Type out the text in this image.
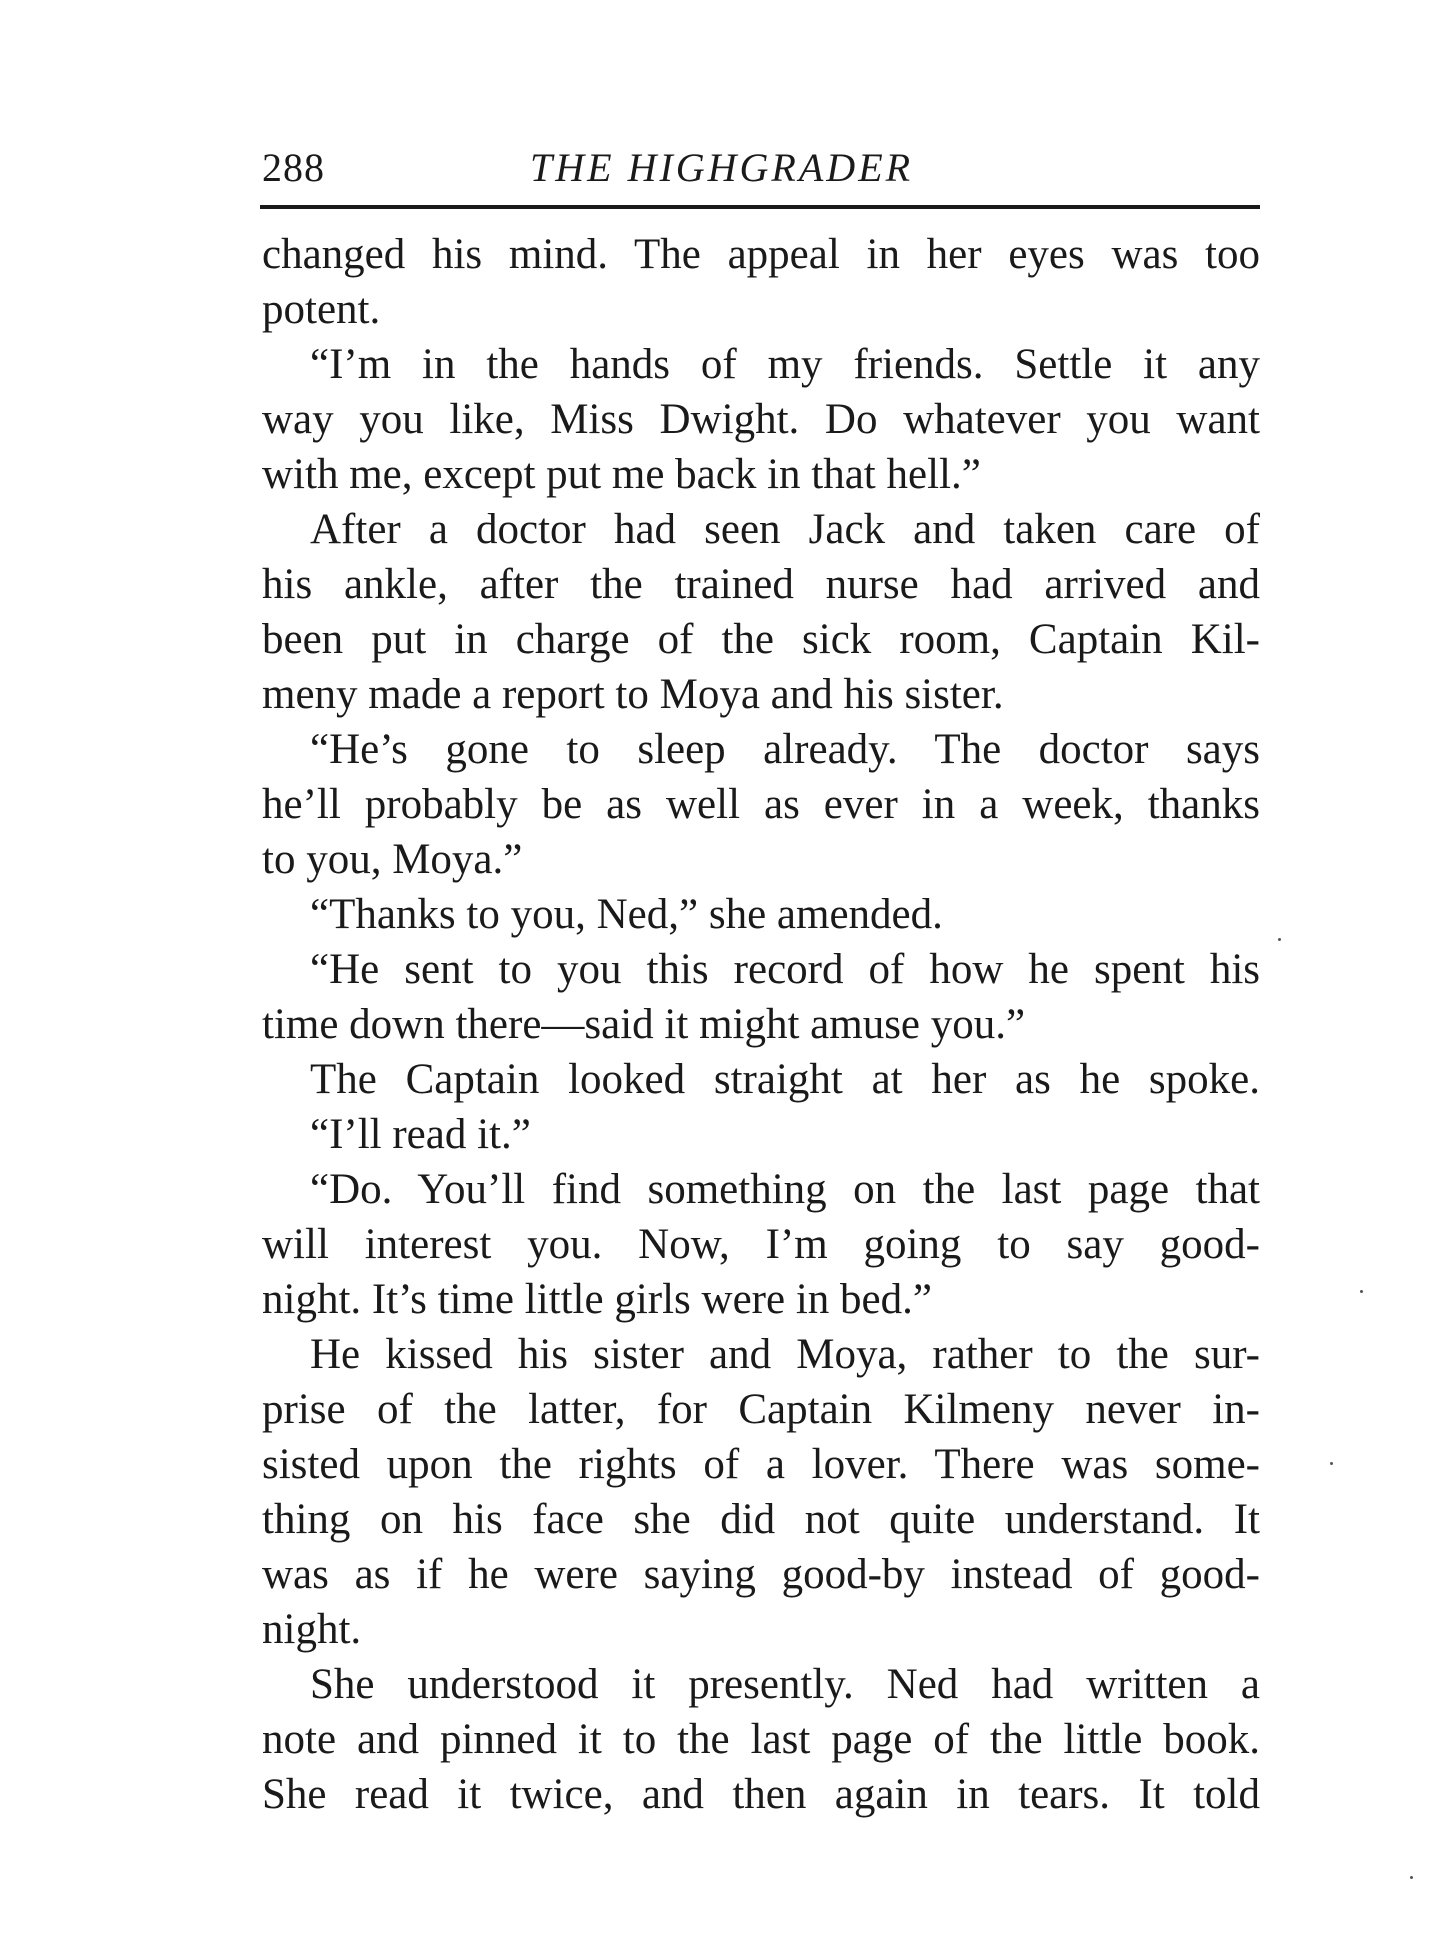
288	THE HIGHGRADER
changed his mind. The appeal in her eyes was too
potent.
“I’m in the hands of my friends. Settle it any
way you like, Miss Dwight. Do whatever you want
with me, except put me back in that hell.”
After a doctor had seen Jack and taken care of
his ankle, after the trained nurse had arrived and
been put in charge of the sick room, Captain Kil-
meny made a report to Moya and his sister.
“He’s gone to sleep already. The doctor says
he’ll probably be as well as ever in a week, thanks
to you, Moya.”
“Thanks to you, Ned,” she amended.
“He sent to you this record of how he spent his
time down there—said it might amuse you.”
The Captain looked straight at her as he spoke.
“I’ll read it.”
“Do. You’ll find something on the last page that
will interest you. Now, I’m going to say good-
night. It’s time little girls were in bed.”
He kissed his sister and Moya, rather to the sur-
prise of the latter, for Captain Kilmeny never in-
sisted upon the rights of a lover. There was some-
thing on his face she did not quite understand. It
was as if he were saying good-by instead of good-
night.
She understood it presently. Ned had written a
note and pinned it to the last page of the little book.
She read it twice, and then again in tears. It told
